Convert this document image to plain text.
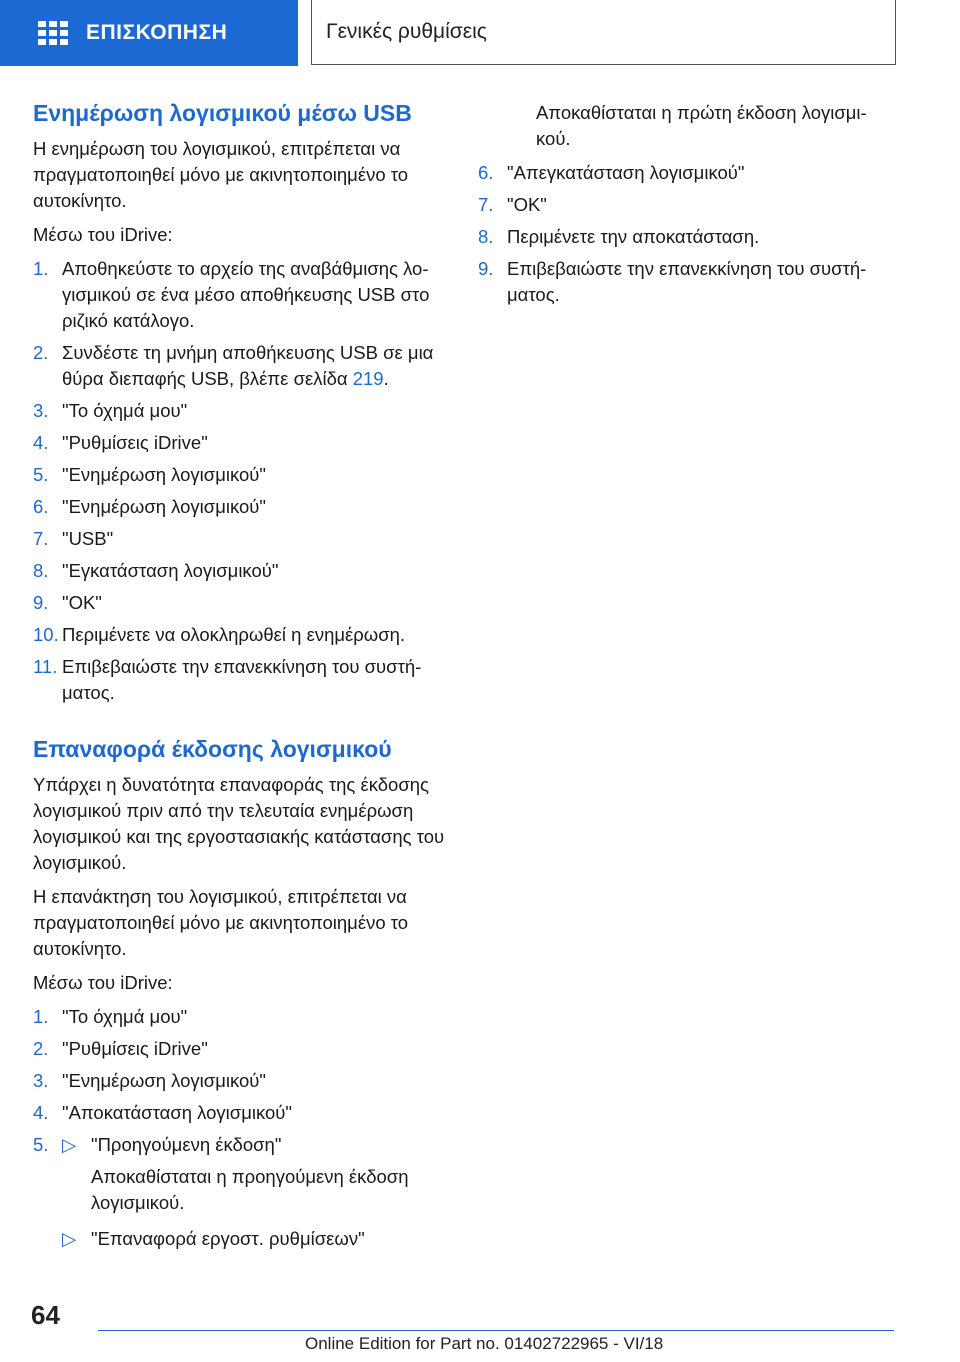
ΕΠΙΣΚΟΠΗΣΗ	Γενικές ρυθμίσεις
Ενημέρωση λογισμικού μέσω USB

Η ενημέρωση του λογισμικού, επιτρέπεται να πραγματοποιηθεί μόνο με ακινητοποιημένο το αυτοκίνητο.

Μέσω του iDrive:

1. Αποθηκεύστε το αρχείο της αναβάθμισης λογισμικού σε ένα μέσο αποθήκευσης USB στο ριζικό κατάλογο.
2. Συνδέστε τη μνήμη αποθήκευσης USB σε μια θύρα διεπαφής USB, βλέπε σελίδα 219.
3. "Το όχημά μου"
4. "Ρυθμίσεις iDrive"
5. "Ενημέρωση λογισμικού"
6. "Ενημέρωση λογισμικού"
7. "USB"
8. "Εγκατάσταση λογισμικού"
9. "OK"
10. Περιμένετε να ολοκληρωθεί η ενημέρωση.
11. Επιβεβαιώστε την επανεκκίνηση του συστήματος.
Επαναφορά έκδοσης λογισμικού

Υπάρχει η δυνατότητα επαναφοράς της έκδοσης λογισμικού πριν από την τελευταία ενημέρωση λογισμικού και της εργοστασιακής κατάστασης του λογισμικού.

Η επανάκτηση του λογισμικού, επιτρέπεται να πραγματοποιηθεί μόνο με ακινητοποιημένο το αυτοκίνητο.

Μέσω του iDrive:

1. "Το όχημά μου"
2. "Ρυθμίσεις iDrive"
3. "Ενημέρωση λογισμικού"
4. "Αποκατάσταση λογισμικού"
5. ▷ "Προηγούμενη έκδοση"
Αποκαθίσταται η προηγούμενη έκδοση λογισμικού.
▷ "Επαναφορά εργοστ. ρυθμίσεων"
Αποκαθίσταται η πρώτη έκδοση λογισμικού.
6. "Απεγκατάσταση λογισμικού"
7. "OK"
8. Περιμένετε την αποκατάσταση.
9. Επιβεβαιώστε την επανεκκίνηση του συστήματος.
64
Online Edition for Part no. 01402722965 - VI/18
